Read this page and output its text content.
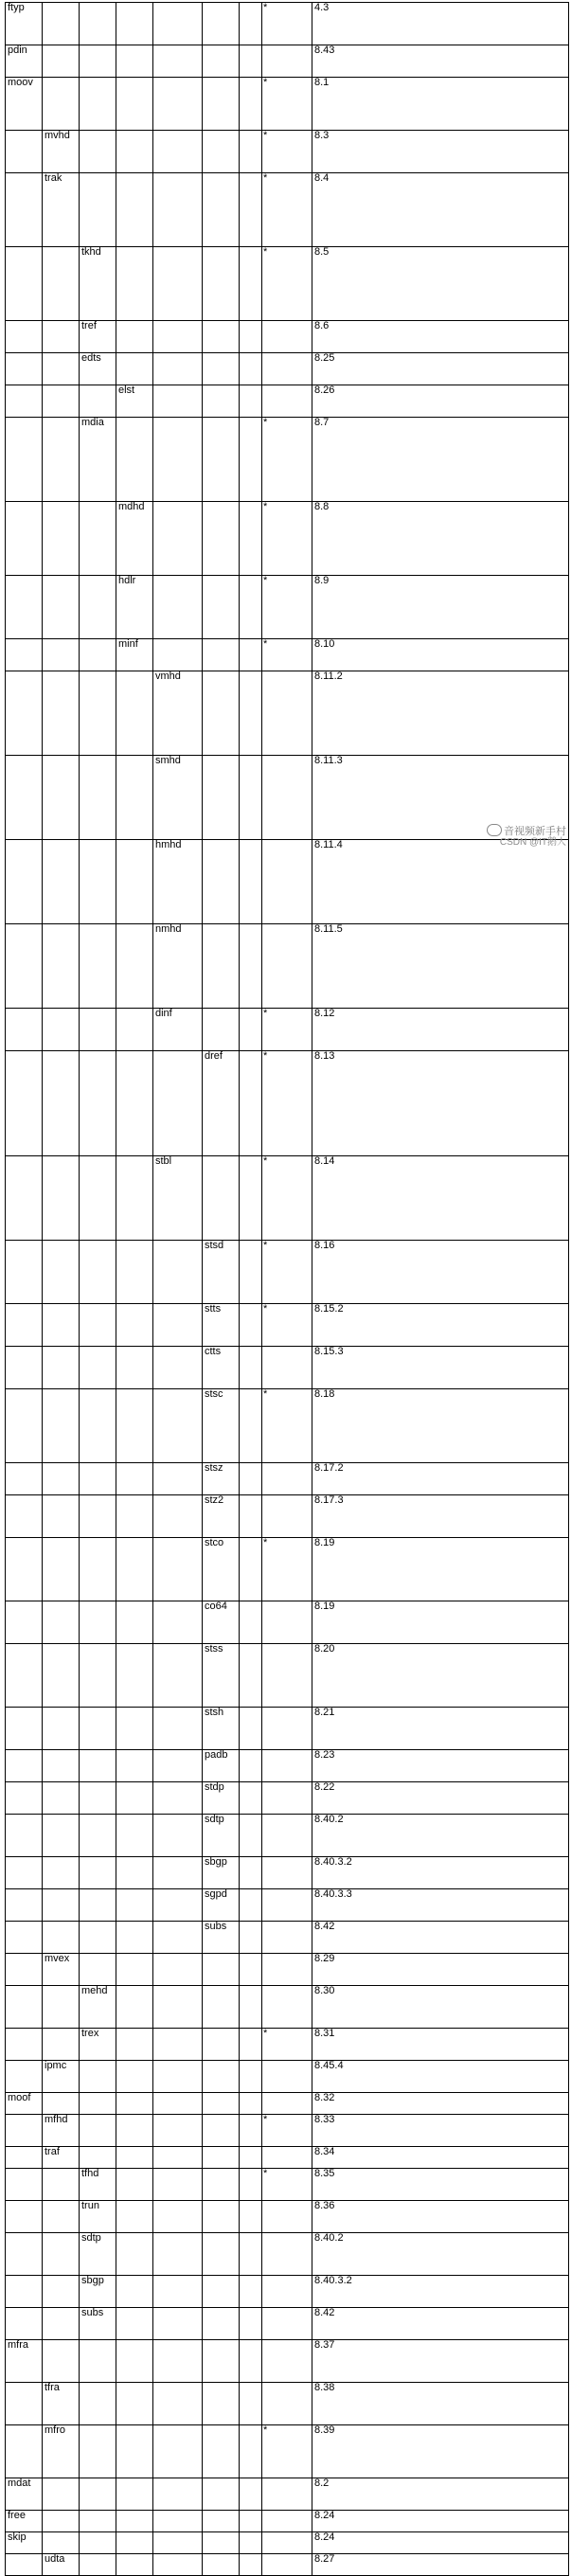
ftyp							*	4.3	
pdin								8.43	
moov							*	8.1	
	mvhd						*	8.3	
	trak						*	8.4	
		tkhd					*	8.5	
		tref						8.6	
		edts						8.25	
			elst					8.26	
		mdia					*	8.7	
			mdhd				*	8.8	
			hdlr				*	8.9	
			minf				*	8.10	
				vmhd				8.11.2	
				smhd				8.11.3	
				hmhd				8.11.4	
				nmhd				8.11.5	
				dinf			*	8.12	
					dref		*	8.13	
				stbl			*	8.14	
					stsd		*	8.16	
					stts		*	8.15.2	
					ctts			8.15.3	
					stsc		*	8.18	
					stsz			8.17.2	
					stz2			8.17.3	
					stco		*	8.19	
					co64			8.19	
					stss			8.20	
					stsh			8.21	
					padb			8.23	
					stdp			8.22	
					sdtp			8.40.2	
					sbgp			8.40.3.2	
					sgpd			8.40.3.3	
					subs			8.42	
	mvex							8.29	
		mehd						8.30	
		trex					*	8.31	
	ipmc							8.45.4	
moof								8.32	
	mfhd						*	8.33	
	traf							8.34	
		tfhd					*	8.35	
		trun						8.36	
		sdtp						8.40.2	
		sbgp						8.40.3.2	
		subs						8.42	
mfra								8.37	
	tfra							8.38	
	mfro						*	8.39	
mdat								8.2	
free								8.24	
skip								8.24	
	udta							8.27	
音视频新手村
CSDN @IT鹅人
